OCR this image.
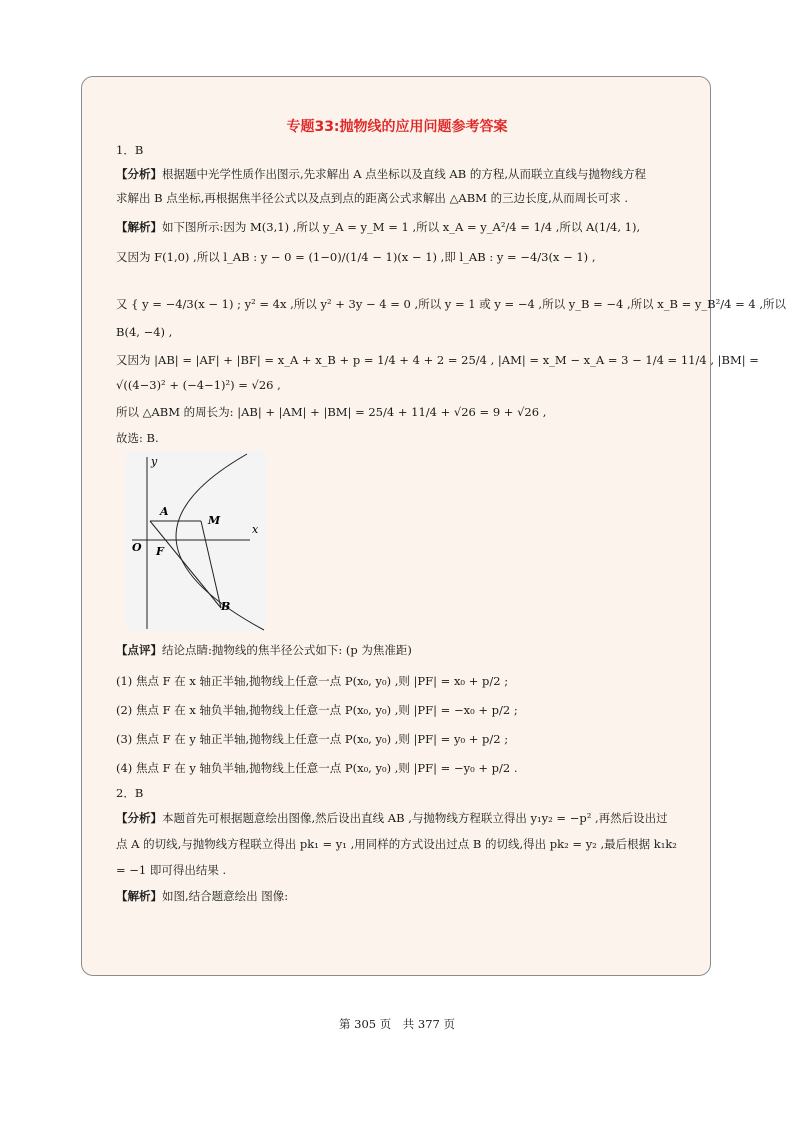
专题33:抛物线的应用问题参考答案
1．B
【分析】根据题中光学性质作出图示,先求解出 A 点坐标以及直线 AB 的方程,从而联立直线与抛物线方程
求解出 B 点坐标,再根据焦半径公式以及点到点的距离公式求解出 △ABM 的三边长度,从而周长可求 .
【解析】如下图所示:因为 M(3,1) ,所以 y_A = y_M = 1 ,所以 x_A = y_A²/4 = 1/4 ,所以 A(1/4, 1),
又因为 F(1,0) ,所以 l_AB : y − 0 = (1−0)/(1/4 − 1)(x − 1) ,即 l_AB : y = −4/3(x − 1) ,
又 { y = −4/3(x − 1) ; y² = 4x ,所以 y² + 3y − 4 = 0 ,所以 y = 1 或 y = −4 ,所以 y_B = −4 ,所以 x_B = y_B²/4 = 4 ,所以
B(4, −4) ,
又因为 |AB| = |AF| + |BF| = x_A + x_B + p = 1/4 + 4 + 2 = 25/4 , |AM| = x_M − x_A = 3 − 1/4 = 11/4 , |BM| =
√((4−3)² + (−4−1)²) = √26 ,
所以 △ABM 的周长为: |AB| + |AM| + |BM| = 25/4 + 11/4 + √26 = 9 + √26 ,
故选: B.
y
x
A
M
O F
B
【点评】结论点睛:抛物线的焦半径公式如下: (p 为焦准距)
(1) 焦点 F 在 x 轴正半轴,抛物线上任意一点 P(x₀, y₀) ,则 |PF| = x₀ + p/2 ;
(2) 焦点 F 在 x 轴负半轴,抛物线上任意一点 P(x₀, y₀) ,则 |PF| = −x₀ + p/2 ;
(3) 焦点 F 在 y 轴正半轴,抛物线上任意一点 P(x₀, y₀) ,则 |PF| = y₀ + p/2 ;
(4) 焦点 F 在 y 轴负半轴,抛物线上任意一点 P(x₀, y₀) ,则 |PF| = −y₀ + p/2 .
2．B
【分析】本题首先可根据题意绘出图像,然后设出直线 AB ,与抛物线方程联立得出 y₁y₂ = −p² ,再然后设出过
点 A 的切线,与抛物线方程联立得出 pk₁ = y₁ ,用同样的方式设出过点 B 的切线,得出 pk₂ = y₂ ,最后根据 k₁k₂
= −1 即可得出结果 .
【解析】如图,结合题意绘出 图像:
第 305 页　共 377 页
